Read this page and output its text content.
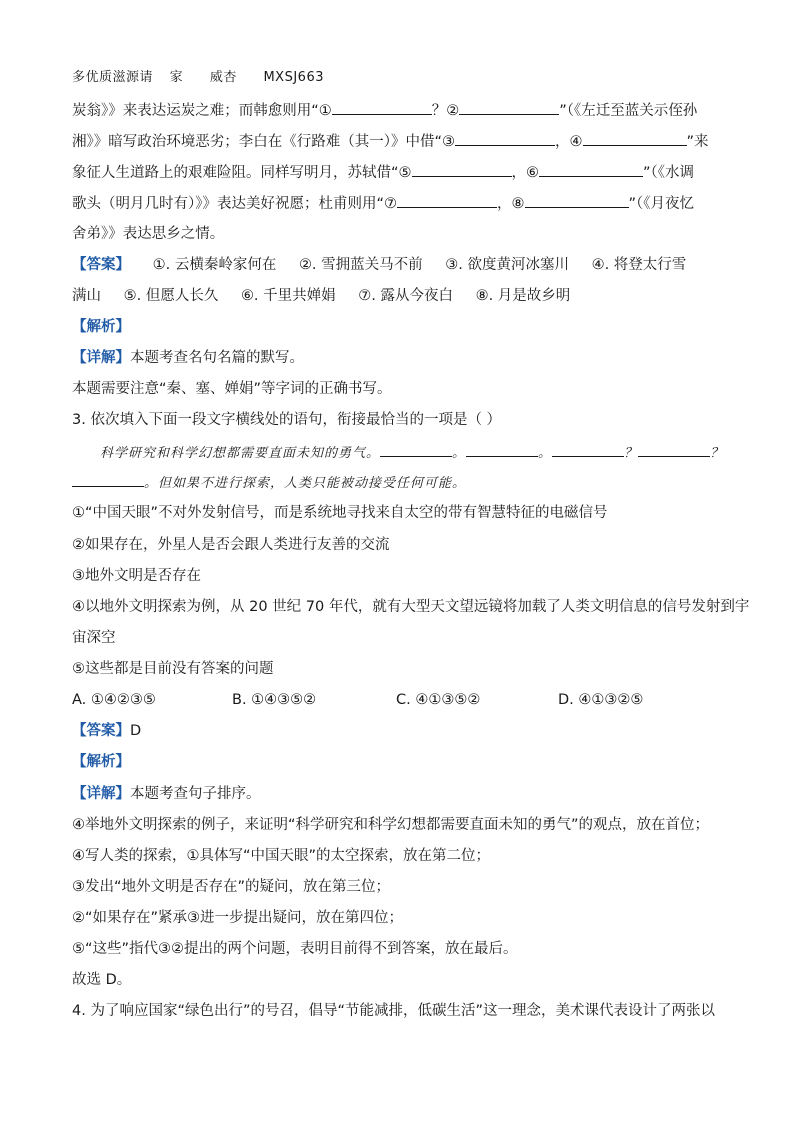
多优质滋源请 家 威杏 MXSJ663
炭翁》》来表达运炭之难；而韩愈则用“①	？②	”（《左迁至蓝关示侄孙
湘》》暗写政治环境恶劣；李白在《行路难（其一）》中借“③	，④	”来
象征人生道路上的艰难险阻。同样写明月，苏轼借“⑤	，⑥	”（《水调
歌头（明月几时有）》》表达美好祝愿；杜甫则用“⑦	，⑧	”（《月夜忆
舍弟》》表达思乡之情。
【答案】 ①. 云横秦岭家何在 ②. 雪拥蓝关马不前 ③. 欲度黄河冰塞川 ④. 将登太行雪
满山 ⑤. 但愿人长久 ⑥. 千里共婵娟 ⑦. 露从今夜白 ⑧. 月是故乡明
【解析】
【详解】本题考查名句名篇的默写。
本题需要注意“秦、塞、婵娟”等字词的正确书写。
3. 依次填入下面一段文字横线处的语句，衔接最恰当的一项是（ ）
科学研究和科学幻想都需要直面未知的勇气。	。	。	？	？
。但如果不进行探索，人类只能被动接受任何可能。
①“中国天眼”不对外发射信号，而是系统地寻找来自太空的带有智慧特征的电磁信号
②如果存在，外星人是否会跟人类进行友善的交流
③地外文明是否存在
④以地外文明探索为例，从 20 世纪 70 年代，就有大型天文望远镜将加载了人类文明信息的信号发射到宇
宙深空
⑤这些都是目前没有答案的问题
A. ①④②③⑤	B. ①④③⑤②	C. ④①③⑤②	D. ④①③②⑤
【答案】D
【解析】
【详解】本题考查句子排序。
④举地外文明探索的例子，来证明“科学研究和科学幻想都需要直面未知的勇气”的观点，放在首位；
④写人类的探索，①具体写“中国天眼”的太空探索，放在第二位；
③发出“地外文明是否存在”的疑问，放在第三位；
②“如果存在”紧承③进一步提出疑问，放在第四位；
⑤“这些”指代③②提出的两个问题，表明目前得不到答案，放在最后。
故选 D。
4. 为了响应国家“绿色出行”的号召，倡导“节能减排，低碳生活”这一理念，美术课代表设计了两张以
